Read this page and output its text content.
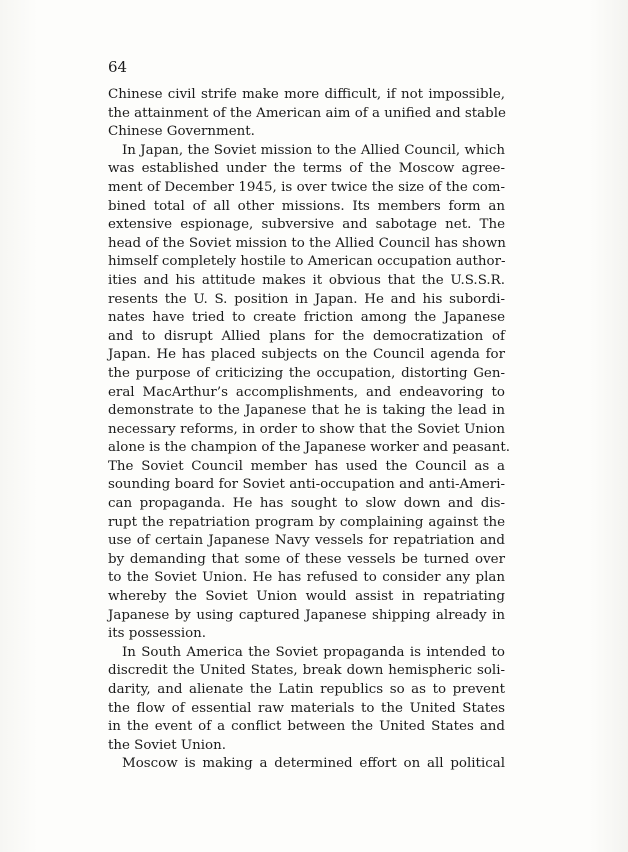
64
Chinese civil strife make more difficult, if not impossible,
the attainment of the American aim of a unified and stable
Chinese Government.
In Japan, the Soviet mission to the Allied Council, which
was established under the terms of the Moscow agree-
ment of December 1945, is over twice the size of the com-
bined total of all other missions. Its members form an
extensive espionage, subversive and sabotage net. The
head of the Soviet mission to the Allied Council has shown
himself completely hostile to American occupation author-
ities and his attitude makes it obvious that the U.S.S.R.
resents the U. S. position in Japan. He and his subordi-
nates have tried to create friction among the Japanese
and to disrupt Allied plans for the democratization of
Japan. He has placed subjects on the Council agenda for
the purpose of criticizing the occupation, distorting Gen-
eral MacArthur’s accomplishments, and endeavoring to
demonstrate to the Japanese that he is taking the lead in
necessary reforms, in order to show that the Soviet Union
alone is the champion of the Japanese worker and peasant.
The Soviet Council member has used the Council as a
sounding board for Soviet anti-occupation and anti-Ameri-
can propaganda. He has sought to slow down and dis-
rupt the repatriation program by complaining against the
use of certain Japanese Navy vessels for repatriation and
by demanding that some of these vessels be turned over
to the Soviet Union. He has refused to consider any plan
whereby the Soviet Union would assist in repatriating
Japanese by using captured Japanese shipping already in
its possession.
In South America the Soviet propaganda is intended to
discredit the United States, break down hemispheric soli-
darity, and alienate the Latin republics so as to prevent
the flow of essential raw materials to the United States
in the event of a conflict between the United States and
the Soviet Union.
Moscow is making a determined effort on all political
